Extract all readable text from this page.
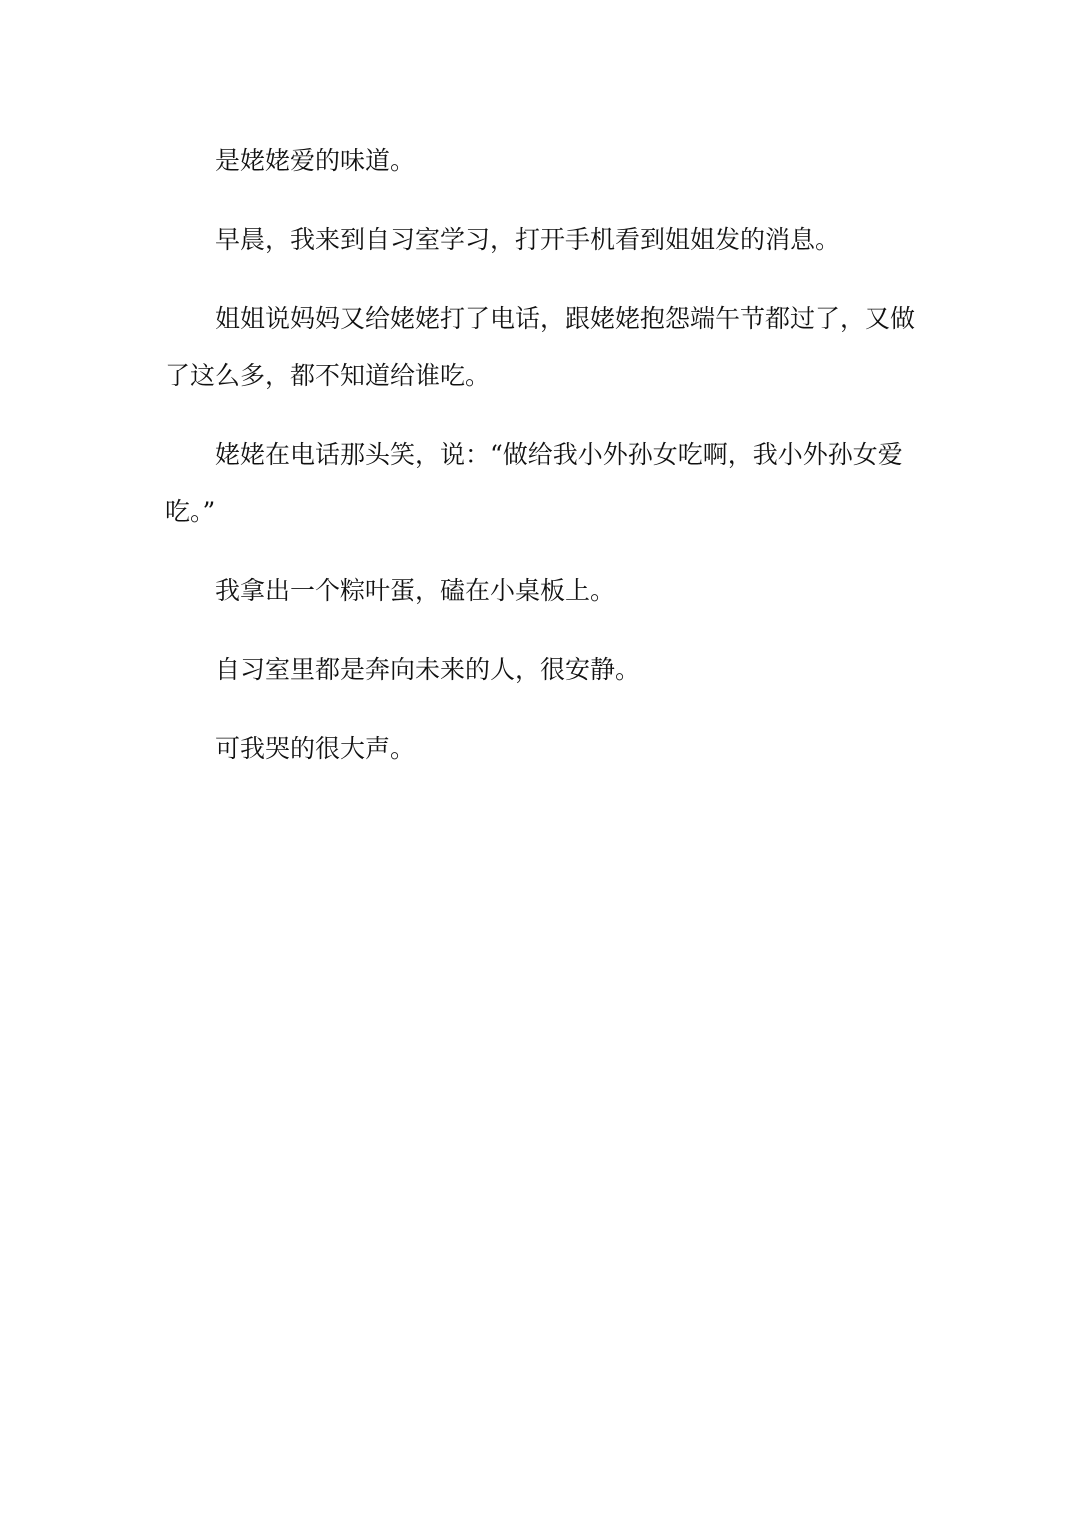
是姥姥爱的味道。

早晨，我来到自习室学习，打开手机看到姐姐发的消息。

姐姐说妈妈又给姥姥打了电话，跟姥姥抱怨端午节都过了，又做了这么多，都不知道给谁吃。

姥姥在电话那头笑，说：“做给我小外孙女吃啊，我小外孙女爱吃。”

我拿出一个粽叶蛋，磕在小桌板上。

自习室里都是奔向未来的人，很安静。

可我哭的很大声。
